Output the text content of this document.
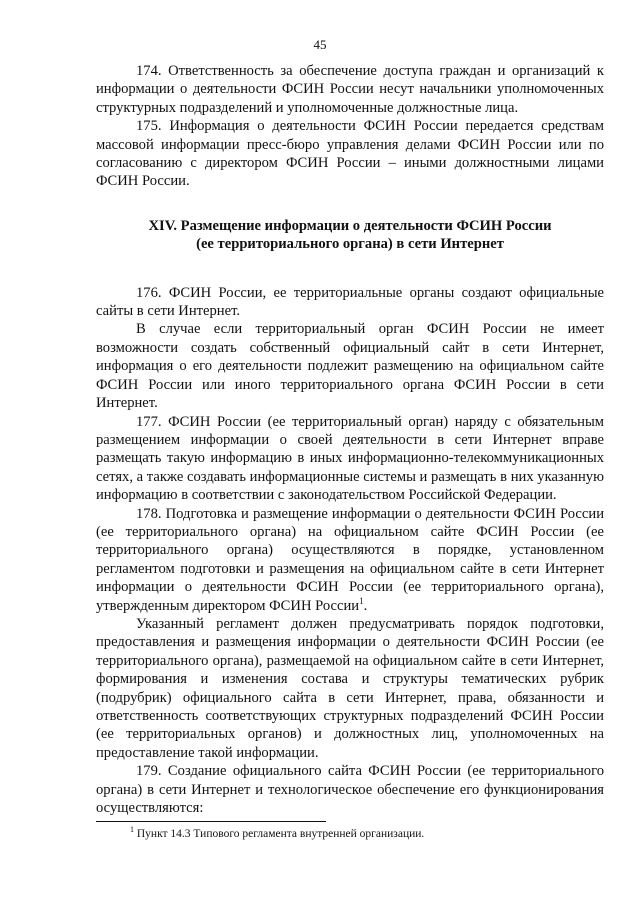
45

174. Ответственность за обеспечение доступа граждан и организаций к информации о деятельности ФСИН России несут начальники уполномоченных структурных подразделений и уполномоченные должностные лица.

175. Информация о деятельности ФСИН России передается средствам массовой информации пресс-бюро управления делами ФСИН России или по согласованию с директором ФСИН России – иными должностными лицами ФСИН России.

XIV. Размещение информации о деятельности ФСИН России
(ее территориального органа) в сети Интернет

176. ФСИН России, ее территориальные органы создают официальные сайты в сети Интернет.

В случае если территориальный орган ФСИН России не имеет возможности создать собственный официальный сайт в сети Интернет, информация о его деятельности подлежит размещению на официальном сайте ФСИН России или иного территориального органа ФСИН России в сети Интернет.

177. ФСИН России (ее территориальный орган) наряду с обязательным размещением информации о своей деятельности в сети Интернет вправе размещать такую информацию в иных информационно-телекоммуникационных сетях, а также создавать информационные системы и размещать в них указанную информацию в соответствии с законодательством Российской Федерации.

178. Подготовка и размещение информации о деятельности ФСИН России (ее территориального органа) на официальном сайте ФСИН России (ее территориального органа) осуществляются в порядке, установленном регламентом подготовки и размещения на официальном сайте в сети Интернет информации о деятельности ФСИН России (ее территориального органа), утвержденным директором ФСИН России$^1$.

Указанный регламент должен предусматривать порядок подготовки, предоставления и размещения информации о деятельности ФСИН России (ее территориального органа), размещаемой на официальном сайте в сети Интернет, формирования и изменения состава и структуры тематических рубрик (подрубрик) официального сайта в сети Интернет, права, обязанности и ответственность соответствующих структурных подразделений ФСИН России (ее территориальных органов) и должностных лиц, уполномоченных на предоставление такой информации.

179. Создание официального сайта ФСИН России (ее территориального органа) в сети Интернет и технологическое обеспечение его функционирования осуществляются:

$^1$ Пункт 14.3 Типового регламента внутренней организации.
